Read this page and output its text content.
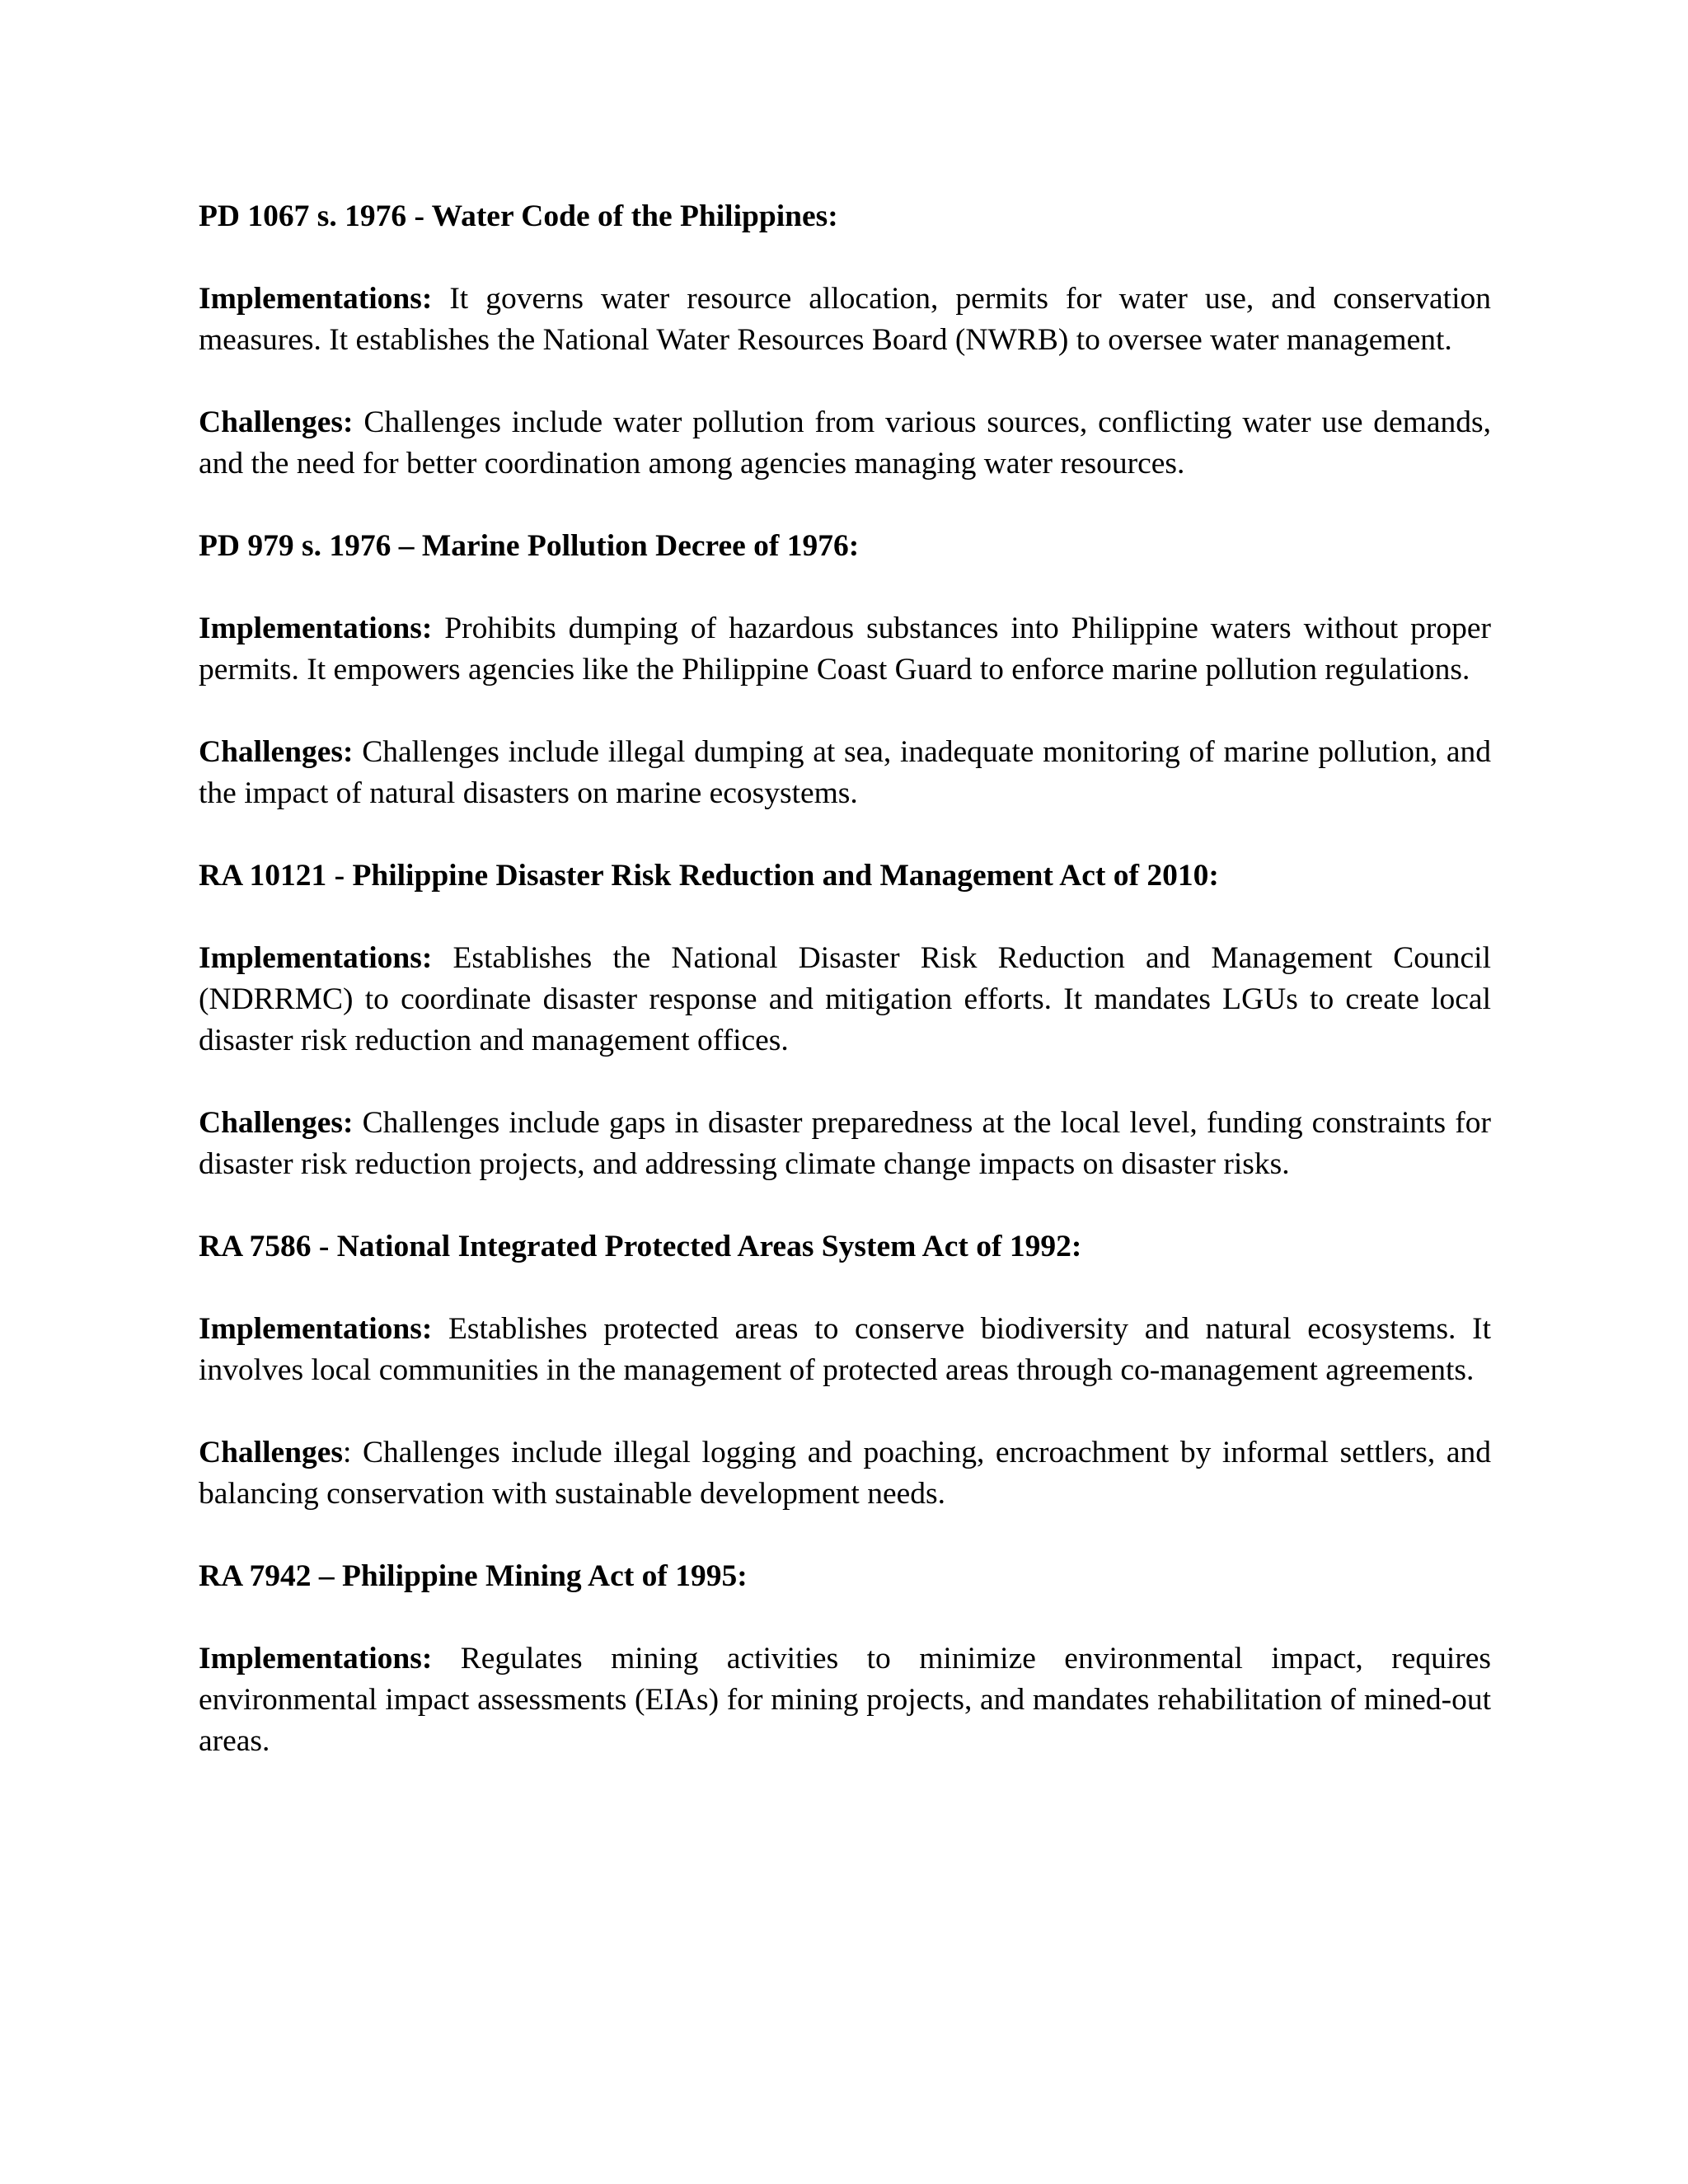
PD 1067 s. 1976 - Water Code of the Philippines:

Implementations: It governs water resource allocation, permits for water use, and conservation measures. It establishes the National Water Resources Board (NWRB) to oversee water management.

Challenges: Challenges include water pollution from various sources, conflicting water use demands, and the need for better coordination among agencies managing water resources.

PD 979 s. 1976 – Marine Pollution Decree of 1976:

Implementations: Prohibits dumping of hazardous substances into Philippine waters without proper permits. It empowers agencies like the Philippine Coast Guard to enforce marine pollution regulations.

Challenges: Challenges include illegal dumping at sea, inadequate monitoring of marine pollution, and the impact of natural disasters on marine ecosystems.

RA 10121 - Philippine Disaster Risk Reduction and Management Act of 2010:

Implementations: Establishes the National Disaster Risk Reduction and Management Council (NDRRMC) to coordinate disaster response and mitigation efforts. It mandates LGUs to create local disaster risk reduction and management offices.

Challenges: Challenges include gaps in disaster preparedness at the local level, funding constraints for disaster risk reduction projects, and addressing climate change impacts on disaster risks.

RA 7586 - National Integrated Protected Areas System Act of 1992:

Implementations: Establishes protected areas to conserve biodiversity and natural ecosystems. It involves local communities in the management of protected areas through co-management agreements.

Challenges: Challenges include illegal logging and poaching, encroachment by informal settlers, and balancing conservation with sustainable development needs.

RA 7942 – Philippine Mining Act of 1995:

Implementations: Regulates mining activities to minimize environmental impact, requires environmental impact assessments (EIAs) for mining projects, and mandates rehabilitation of mined-out areas.
